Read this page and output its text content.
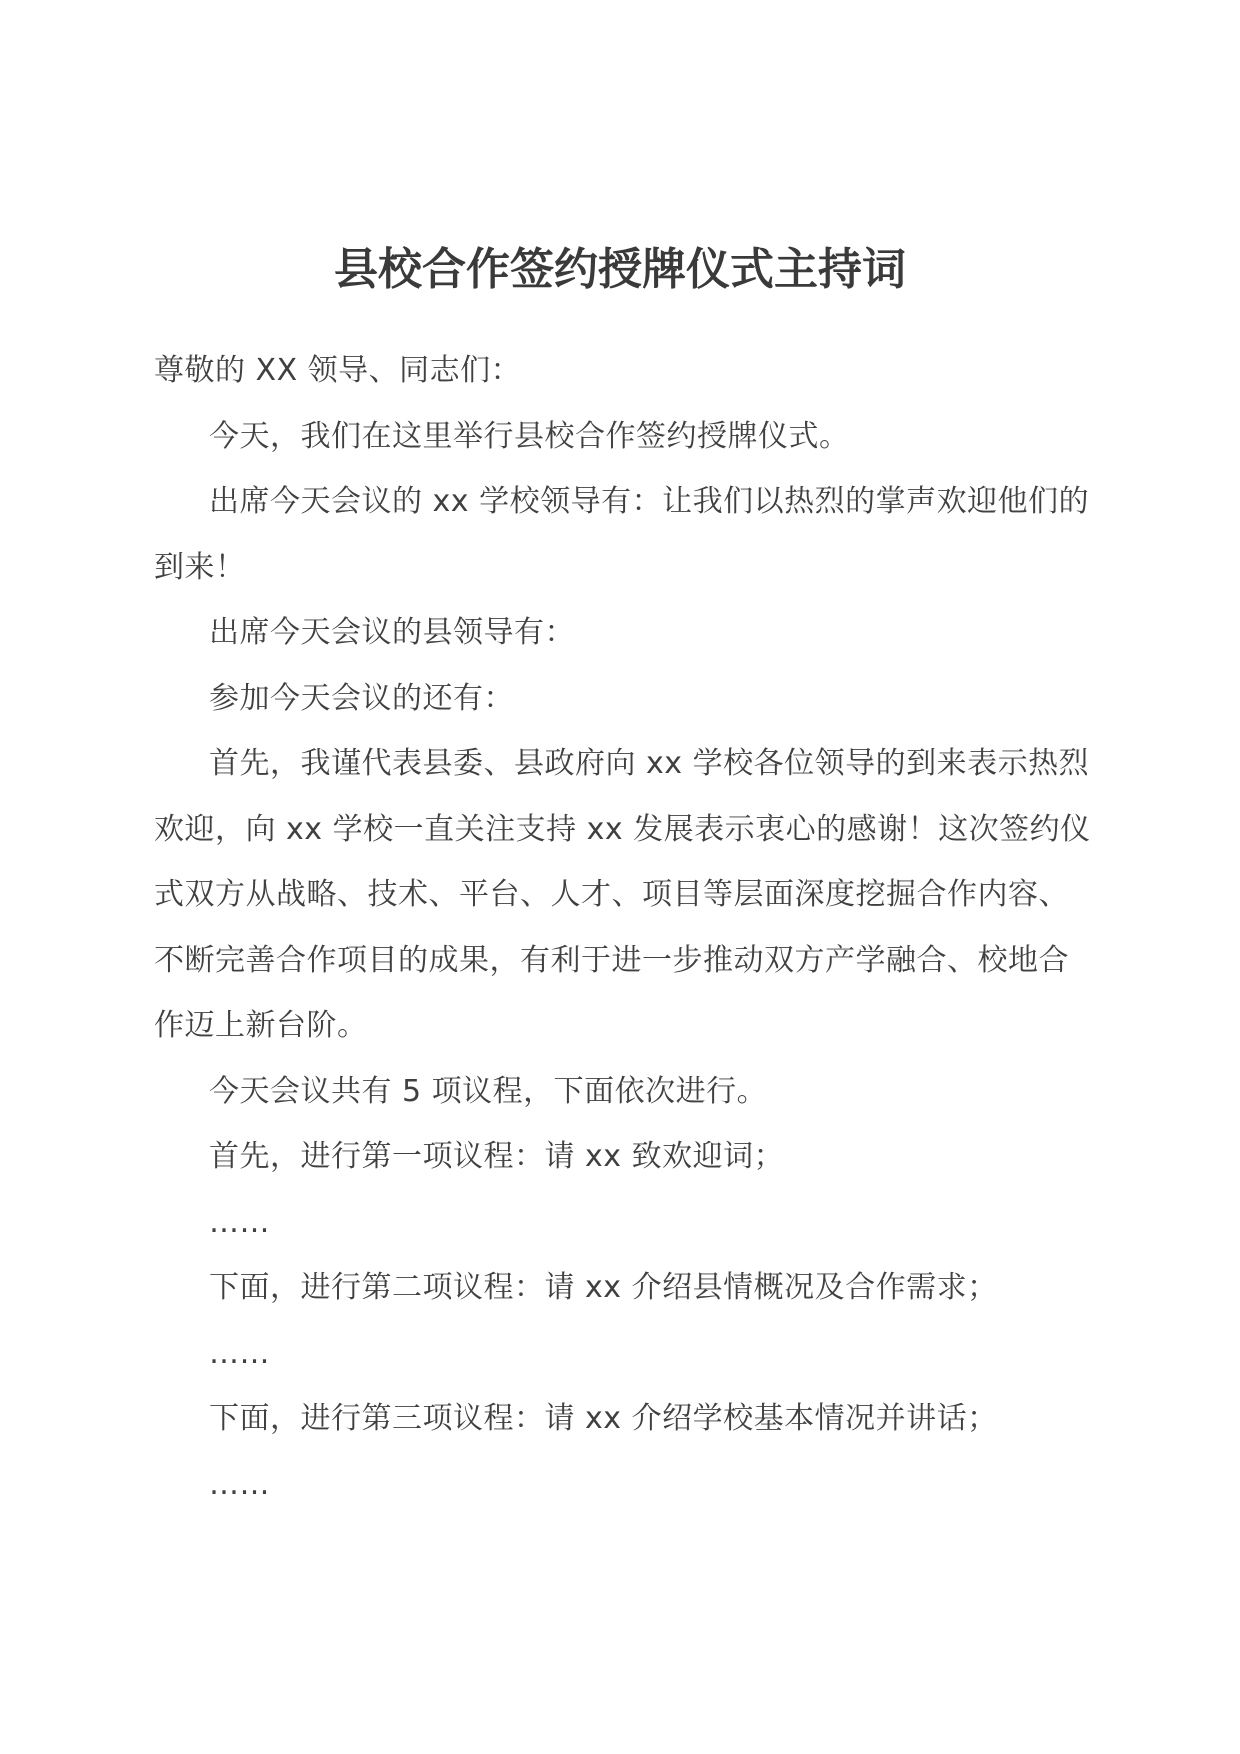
县校合作签约授牌仪式主持词

尊敬的 XX 领导、同志们：

今天，我们在这里举行县校合作签约授牌仪式。

出席今天会议的 xx 学校领导有：让我们以热烈的掌声欢迎他们的到来！

出席今天会议的县领导有：

参加今天会议的还有：

首先，我谨代表县委、县政府向 xx 学校各位领导的到来表示热烈欢迎，向 xx 学校一直关注支持 xx 发展表示衷心的感谢！这次签约仪式双方从战略、技术、平台、人才、项目等层面深度挖掘合作内容、不断完善合作项目的成果，有利于进一步推动双方产学融合、校地合作迈上新台阶。

今天会议共有 5 项议程，下面依次进行。

首先，进行第一项议程：请 xx 致欢迎词；

……

下面，进行第二项议程：请 xx 介绍县情概况及合作需求；

……

下面，进行第三项议程：请 xx 介绍学校基本情况并讲话；

……
